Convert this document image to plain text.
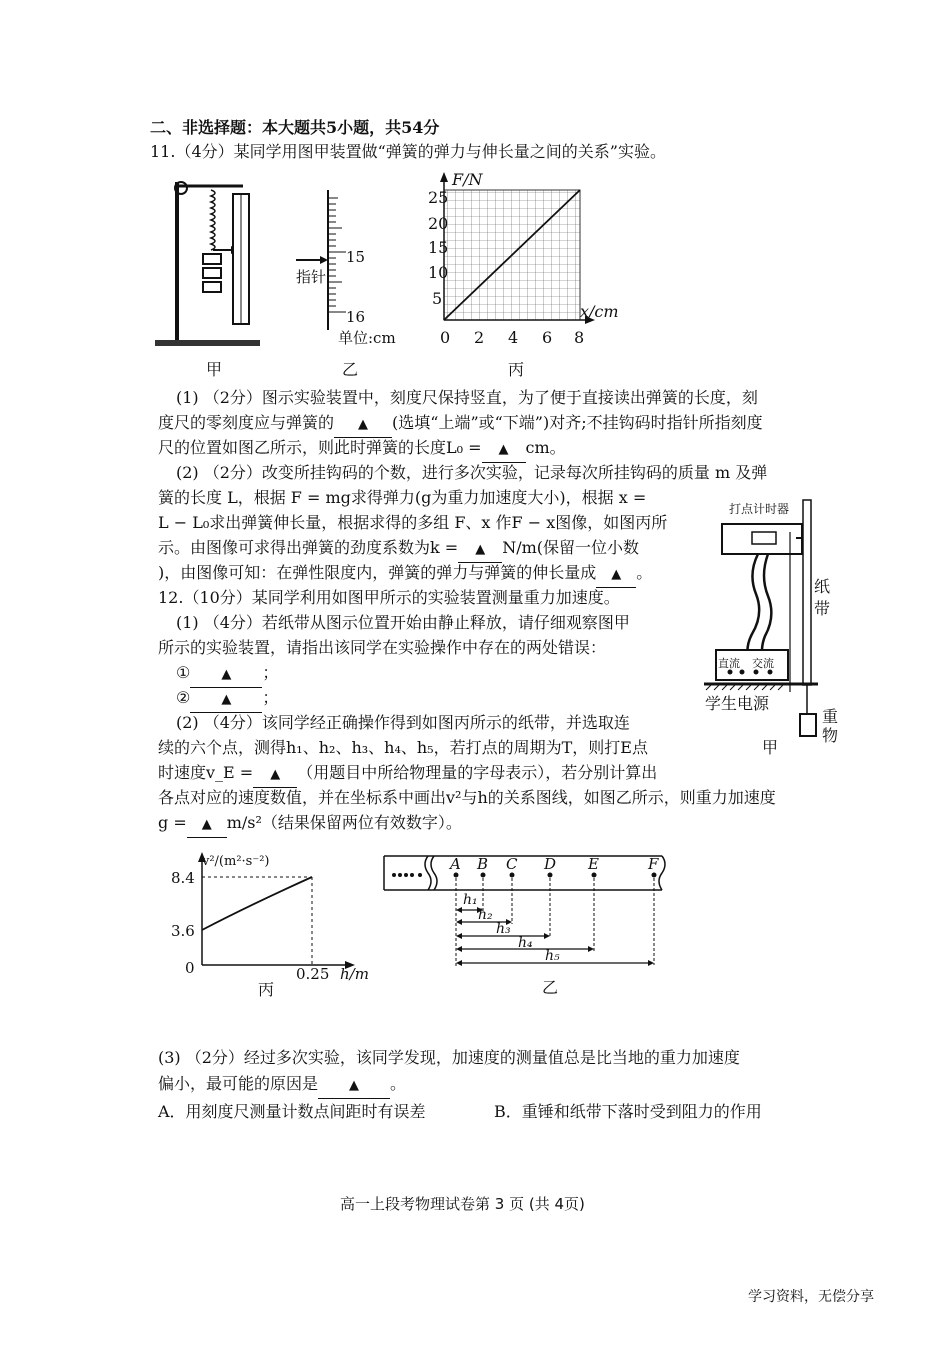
二、非选择题：本大题共5小题，共54分
11.（4分）某同学用图甲装置做“弹簧的弹力与伸长量之间的关系”实验。
甲
15
指针
16
单位:cm
乙
F/N
25
20
15
10
5
x/cm
0 2 4 6 8
丙
(1) （2分）图示实验装置中，刻度尺保持竖直，为了便于直接读出弹簧的长度，刻
度尺的零刻度应与弹簧的 ▲ (选填“上端”或“下端”)对齐;不挂钩码时指针所指刻度
尺的位置如图乙所示，则此时弹簧的长度L₀ = ▲ cm。
(2) （2分）改变所挂钩码的个数，进行多次实验，记录每次所挂钩码的质量 m 及弹
簧的长度 L，根据 F = mg求得弹力(g为重力加速度大小)，根据 x =
L − L₀求出弹簧伸长量，根据求得的多组 F、x 作F − x图像，如图丙所
示。由图像可求得出弹簧的劲度系数为k = ▲ N/m(保留一位小数
)，由图像可知：在弹性限度内，弹簧的弹力与弹簧的伸长量成 ▲ 。
12.（10分）某同学利用如图甲所示的实验装置测量重力加速度。
(1) （4分）若纸带从图示位置开始由静止释放，请仔细观察图甲
所示的实验装置，请指出该同学在实验操作中存在的两处错误：
① ▲ ；
② ▲ ；
(2) （4分）该同学经正确操作得到如图丙所示的纸带，并选取连
续的六个点，测得h₁、h₂、h₃、h₄、h₅，若打点的周期为T，则打E点
时速度v_E = ▲ （用题目中所给物理量的字母表示），若分别计算出
各点对应的速度数值，并在坐标系中画出v²与h的关系图线，如图乙所示，则重力加速度
g = ▲ m/s²（结果保留两位有效数字）。
打点计时器
纸
带
直流 交流
学生电源
重
物
甲
v²/(m²·s⁻²)
8.4
3.6
0	0.25 h/m
丙
A B C D E	F
h₁
h₂
h₃
h₄
h₅
乙
(3) （2分）经过多次实验，该同学发现，加速度的测量值总是比当地的重力加速度
偏小，最可能的原因是 ▲ 。
A．用刻度尺测量计数点间距时有误差	B．重锤和纸带下落时受到阻力的作用
高一上段考物理试卷第 3 页 (共 4页)
学习资料，无偿分享
